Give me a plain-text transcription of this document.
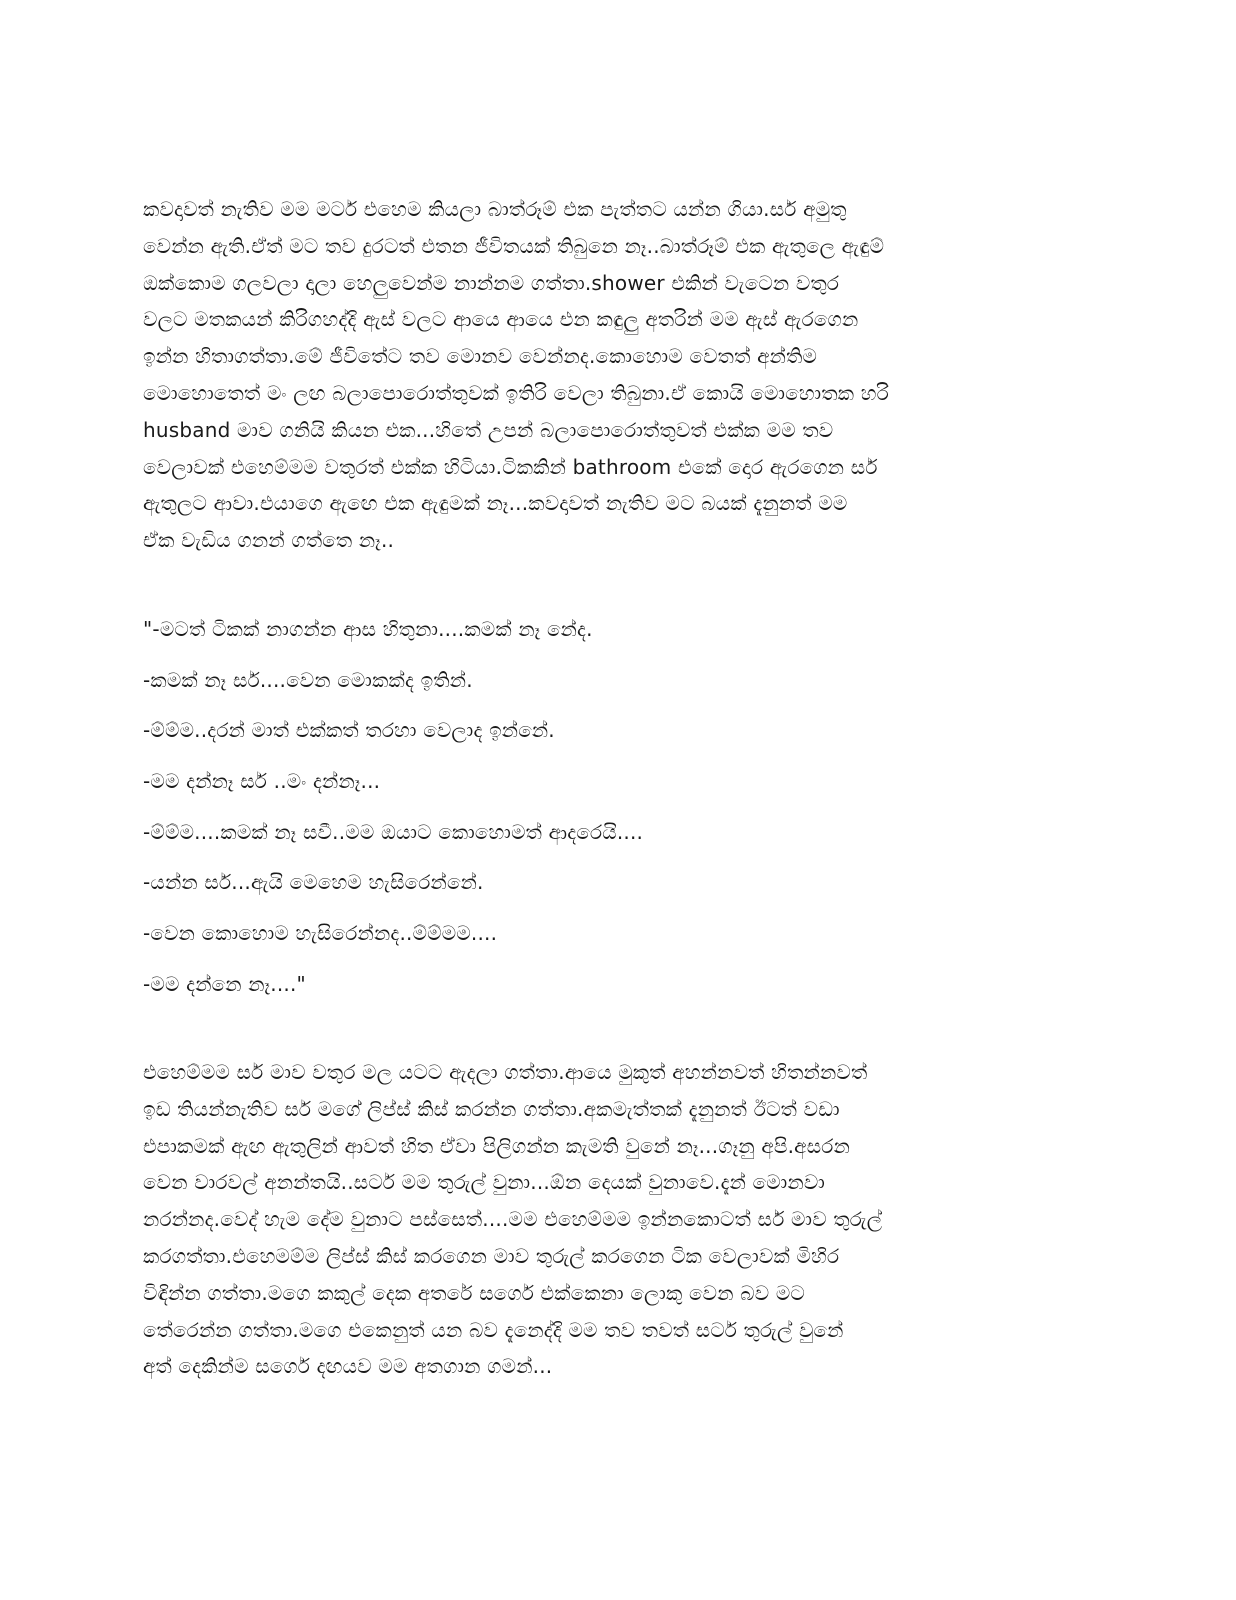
කවදාවත් නැතිව මම මර්ට එහෙම කියලා බාත්රූම් එක පැත්තට යන්න ගියා.සර් අමුතු
වෙන්න ඇති.ඒත් මට තව දුරටත් එතන ජීවිතයක් තිබුනෙ නෑ..බාත්රූම් එක ඇතුලෙ ඇඳුම්
ඔක්කොම ගලවලා දාලා හෙලුවෙන්ම නාන්නම ගත්තා.shower එකින් වැටෙන වතුර
වලට මතකයන් කිරිගහද්දි ඇස් වලට ආයෙ ආයෙ එන කඳුලු අතරින් මම ඇස් ඇරගෙන
ඉන්න හිතාගත්තා.මේ ජීවිතේට තව මොනව වෙන්නද.කොහොම වෙතත් අන්තිම
මොහොතෙත් මං ලඟ බලාපොරොත්තුවක් ඉතිරි වෙලා තිබුනා.ඒ කොයි මොහොතක හරි
husband මාව ගනියි කියන එක...හිතේ උපන් බලාපොරොත්තුවත් එක්ක මම තව
වෙලාවක් එහෙම්මම වතුරත් එක්ක හිටියා.ටිකකින් bathroom එකේ දොර ඇරගෙන සර්
ඇතුලට ආවා.එයාගෙ ඇඟෙ එක ඇඳුමක් නෑ...කවදාවත් නැතිව මට බයක් දැනුනත් මම
ඒක වැඩිය ගනන් ගත්තෙ නෑ..
"-මටත් ටිකක් නාගන්න ආස හිතුනා....කමක් නෑ නේද.
-කමක් නෑ සර්....වෙන මොකක්ද ඉතින්.
-ම්ම්ම..දරන් මාත් එක්කත් තරහා වෙලාද ඉන්නේ.
-මම දන්නෑ සර් ..මං දන්නෑ...
-ම්ම්ම....කමක් නෑ සවී..මම ඔයාට කොහොමත් ආදරෙයි....
-යන්න සර්...ඇයි මෙහෙම හැසිරෙන්නේ.
-වෙන කොහොම හැසිරෙන්නද..ම්ම්මම....
-මම දන්නෙ නෑ...."
එහෙම්මම සර් මාව වතුර මල යටට ඇදලා ගත්තා.ආයෙ මුකුත් අහන්නවත් හිතන්නවත්
ඉඩ තියන්නැතිව සර් මගේ ලිප්ස් කිස් කරන්න ගත්තා.අකමැත්තක් දැනුනත් ඊටත් වඩා
එපාකමක් ඇඟ ඇතුලින් ආවත් හිත ඒවා පිලිගන්න කැමති වුනේ නෑ...ගෑනු අපි.අසරන
වෙන වාරවල් අනන්තයි..සර්ට මම තුරුල් වුනා...ඕන දෙයක් වුනාවෙ.දැන් මොනවා
නරන්නද.වෙද් හැම දේම වුනාට පස්සෙත්....මම එහෙම්මම ඉන්නකොටත් සර් මාව තුරුල්
කරගත්තා.එහෙමම්ම ලිප්ස් කිස් කරගෙන මාව තුරුල් කරගෙන ටික වෙලාවක් මිහිර
විඳින්න ගත්තා.මගෙ කකුල් දෙක අතරේ සර්ගෙ එක්කෙනා ලොකු වෙන බව මට
තේරෙන්න ගත්තා.මගෙ එකෙනුත් යන බව දැනෙද්දි මම තව තවත් සර්ට තුරුල් වුනේ
අත් දෙකින්ම සර්ගෙ දඟයව මම අතගාන ගමන්...
